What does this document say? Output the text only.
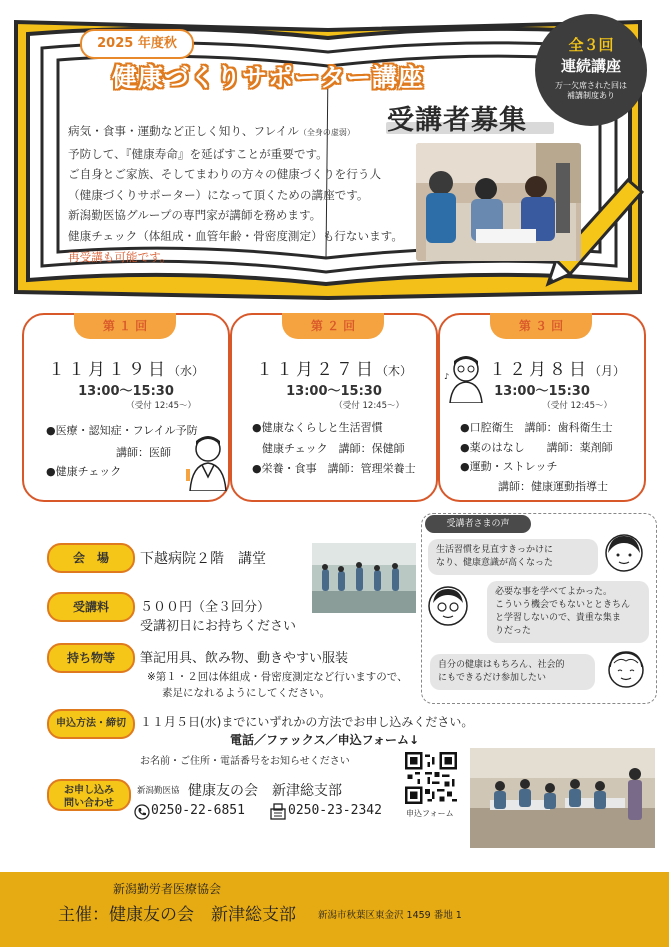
2025 年度秋
健康づくりサポーター講座
受講者募集
全３回
連続講座
万一欠席された回は
補講制度あり
病気・食事・運動など正しく知り、フレイル（全身の虚弱）
予防して、『健康寿命』を延ばすことが重要です。
ご自身とご家族、そしてまわりの方々の健康づくりを行う人
（健康づくりサポーター）になって頂くための講座です。
新潟勤医協グループの専門家が講師を務めます。
健康チェック（体組成・血管年齢・骨密度測定）も行ないます。
再受講も可能です。
第 １ 回
１１月１９日（水）
13:00〜15:30
（受付 12:45〜）
●医療・認知症・フレイル予防
講師：医師
●健康チェック
第 ２ 回
１１月２７日（木）
13:00〜15:30
（受付 12:45〜）
●健康なくらしと生活習慣
健康チェック　講師：保健師
●栄養・食事　講師：管理栄養士
第 ３ 回
１２月８日（月）
13:00〜15:30
（受付 12:45〜）
●口腔衛生　講師：歯科衛生士
●薬のはなし　　講師：薬剤師
●運動・ストレッチ
講師：健康運動指導士
♪
会　場	下越病院２階　講堂
受講料	５００円（全３回分）
受講初日にお持ちください
持ち物等	筆記用具、飲み物、動きやすい服装
※第１・２回は体組成・骨密度測定など行いますので、
素足になれるようにしてください。
申込方法・締切	１１月５日(水)までにいずれかの方法でお申し込みください。
電話／ファックス／申込フォーム↓
お名前・ご住所・電話番号をお知らせください
お申し込み
問い合わせ
新潟勤医協 健康友の会　新津総支部
0250-22-6851	0250-23-2342	申込フォーム
受講者さまの声
生活習慣を見直すきっかけに
なり、健康意識が高くなった
必要な事を学べてよかった。
こういう機会でもないとときちん
と学習しないので、貴重な集ま
りだった
自分の健康はもちろん、社会的
にもできるだけ参加したい
新潟勤労者医療協会
主催：健康友の会　新津総支部 新潟市秋葉区東金沢 1459 番地 1
